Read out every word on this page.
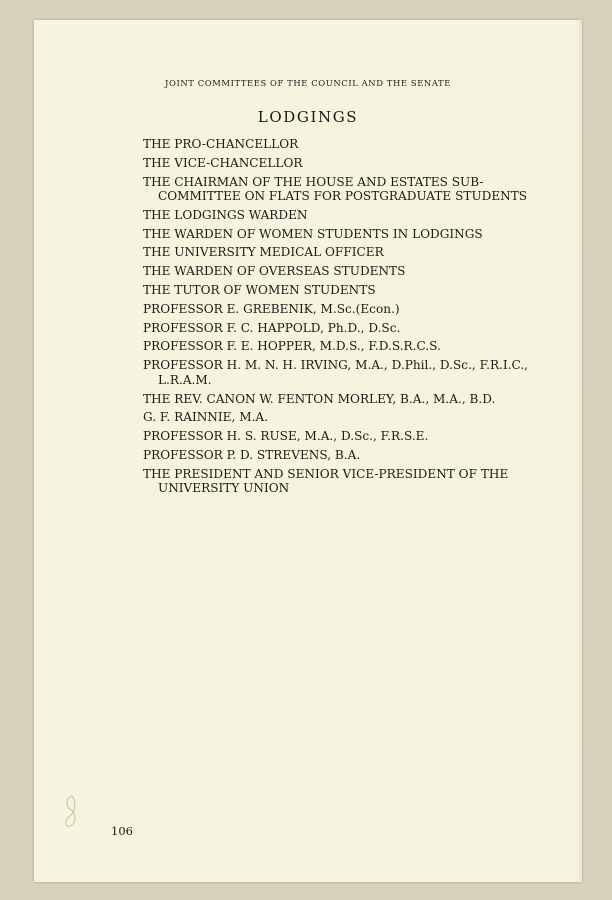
JOINT COMMITTEES OF THE COUNCIL AND THE SENATE
LODGINGS
THE PRO-CHANCELLOR
THE VICE-CHANCELLOR
THE CHAIRMAN OF THE HOUSE AND ESTATES SUB-COMMITTEE ON FLATS FOR POSTGRADUATE STUDENTS
THE LODGINGS WARDEN
THE WARDEN OF WOMEN STUDENTS IN LODGINGS
THE UNIVERSITY MEDICAL OFFICER
THE WARDEN OF OVERSEAS STUDENTS
THE TUTOR OF WOMEN STUDENTS
PROFESSOR E. GREBENIK, M.Sc.(Econ.)
PROFESSOR F. C. HAPPOLD, Ph.D., D.Sc.
PROFESSOR F. E. HOPPER, M.D.S., F.D.S.R.C.S.
PROFESSOR H. M. N. H. IRVING, M.A., D.Phil., D.Sc., F.R.I.C., L.R.A.M.
THE REV. CANON W. FENTON MORLEY, B.A., M.A., B.D.
G. F. RAINNIE, M.A.
PROFESSOR H. S. RUSE, M.A., D.Sc., F.R.S.E.
PROFESSOR P. D. STREVENS, B.A.
THE PRESIDENT AND SENIOR VICE-PRESIDENT OF THE UNIVERSITY UNION
106
